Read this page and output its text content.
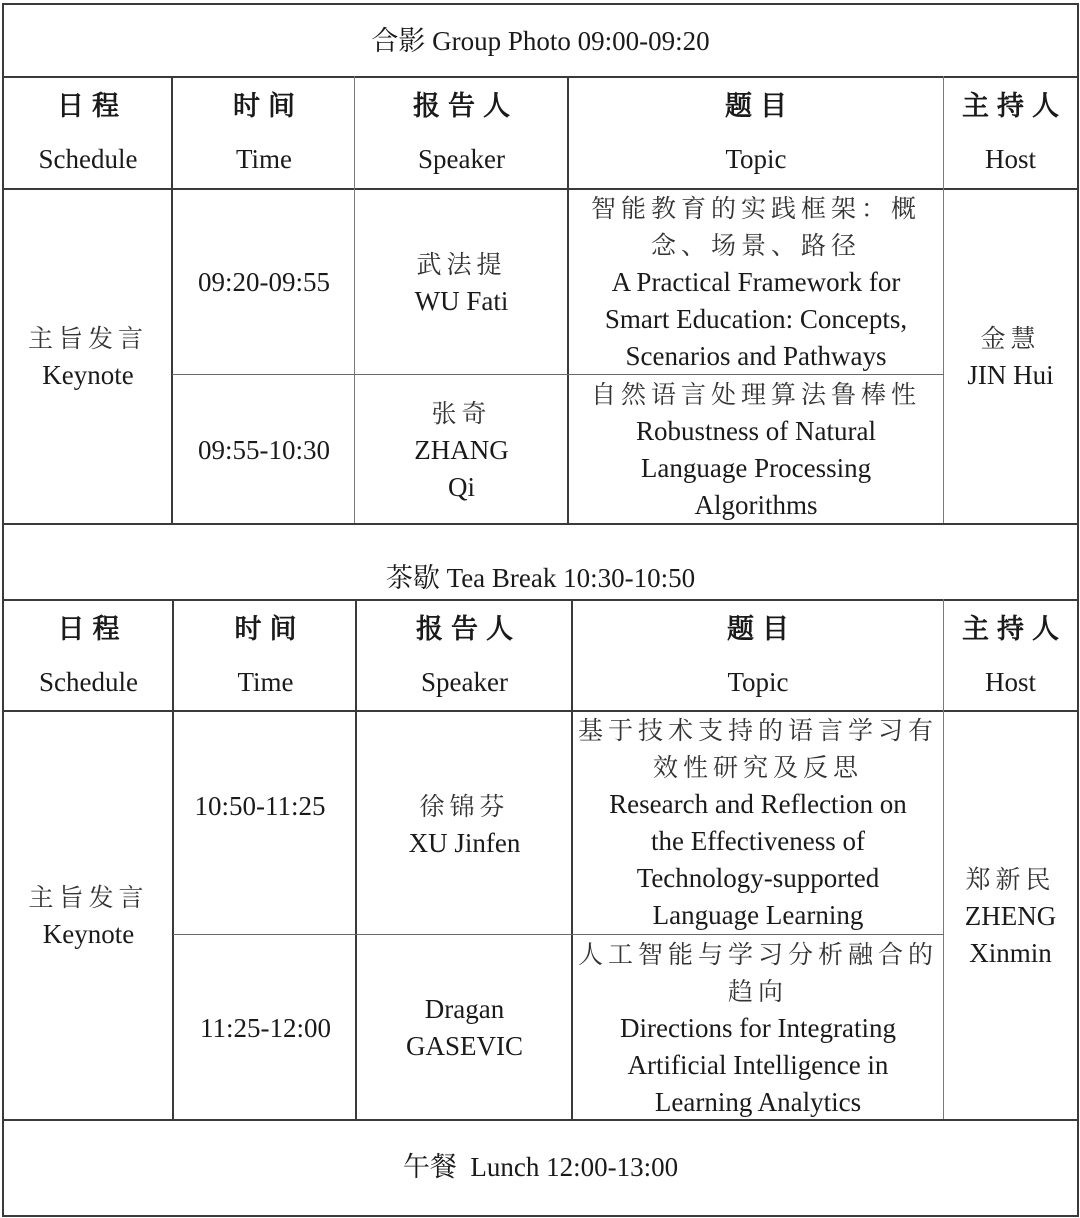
合影 Group Photo 09:00-09:20
日程
Schedule
时间
Time
报告人
Speaker
题目
Topic
主持人
Host
主旨发言
Keynote
09:20-09:55
武法提
WU Fati
智能教育的实践框架：概
念、场景、路径
A Practical Framework for
Smart Education: Concepts,
Scenarios and Pathways
09:55-10:30
张奇
ZHANG
Qi
自然语言处理算法鲁棒性
Robustness of Natural
Language Processing
Algorithms
金慧
JIN Hui
茶歇 Tea Break 10:30-10:50
日程
Schedule
时间
Time
报告人
Speaker
题目
Topic
主持人
Host
主旨发言
Keynote
10:50-11:25	徐锦芬
XU Jinfen
基于技术支持的语言学习有
效性研究及反思
Research and Reflection on
the Effectiveness of
Technology-supported
Language Learning
11:25-12:00
Dragan
GASEVIC
人工智能与学习分析融合的
趋向
Directions for Integrating
Artificial Intelligence in
Learning Analytics
郑新民
ZHENG
Xinmin
午餐  Lunch 12:00-13:00
